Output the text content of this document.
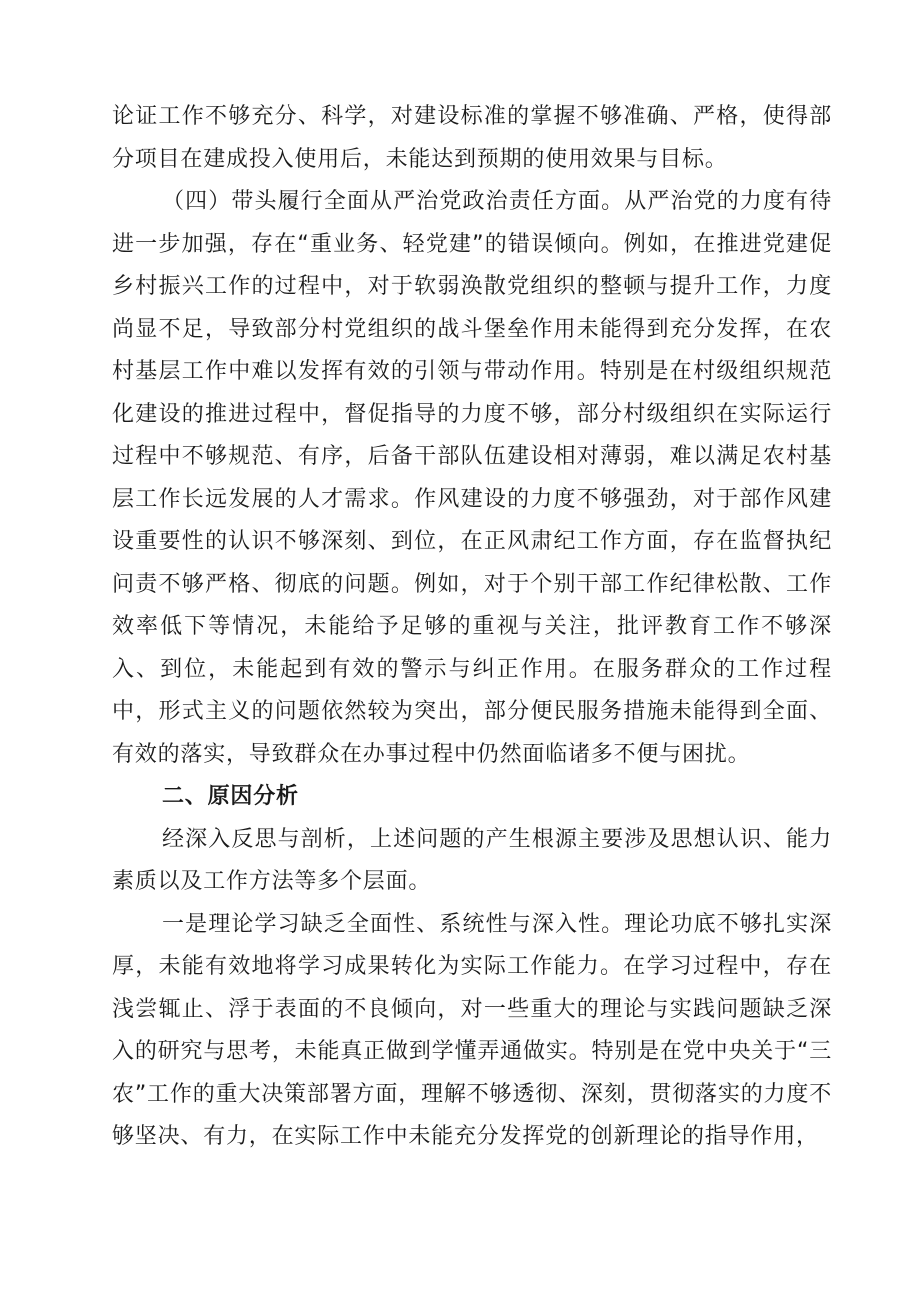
论证工作不够充分、科学，对建设标准的掌握不够准确、严格，使得部分项目在建成投入使用后，未能达到预期的使用效果与目标。

（四）带头履行全面从严治党政治责任方面。从严治党的力度有待进一步加强，存在“重业务、轻党建”的错误倾向。例如，在推进党建促乡村振兴工作的过程中，对于软弱涣散党组织的整顿与提升工作，力度尚显不足，导致部分村党组织的战斗堡垒作用未能得到充分发挥，在农村基层工作中难以发挥有效的引领与带动作用。特别是在村级组织规范化建设的推进过程中，督促指导的力度不够，部分村级组织在实际运行过程中不够规范、有序，后备干部队伍建设相对薄弱，难以满足农村基层工作长远发展的人才需求。作风建设的力度不够强劲，对于部作风建设重要性的认识不够深刻、到位，在正风肃纪工作方面，存在监督执纪问责不够严格、彻底的问题。例如，对于个别干部工作纪律松散、工作效率低下等情况，未能给予足够的重视与关注，批评教育工作不够深入、到位，未能起到有效的警示与纠正作用。在服务群众的工作过程中，形式主义的问题依然较为突出，部分便民服务措施未能得到全面、有效的落实，导致群众在办事过程中仍然面临诸多不便与困扰。

二、原因分析

经深入反思与剖析，上述问题的产生根源主要涉及思想认识、能力素质以及工作方法等多个层面。

一是理论学习缺乏全面性、系统性与深入性。理论功底不够扎实深厚，未能有效地将学习成果转化为实际工作能力。在学习过程中，存在浅尝辄止、浮于表面的不良倾向，对一些重大的理论与实践问题缺乏深入的研究与思考，未能真正做到学懂弄通做实。特别是在党中央关于“三农”工作的重大决策部署方面，理解不够透彻、深刻，贯彻落实的力度不够坚决、有力，在实际工作中未能充分发挥党的创新理论的指导作用，
